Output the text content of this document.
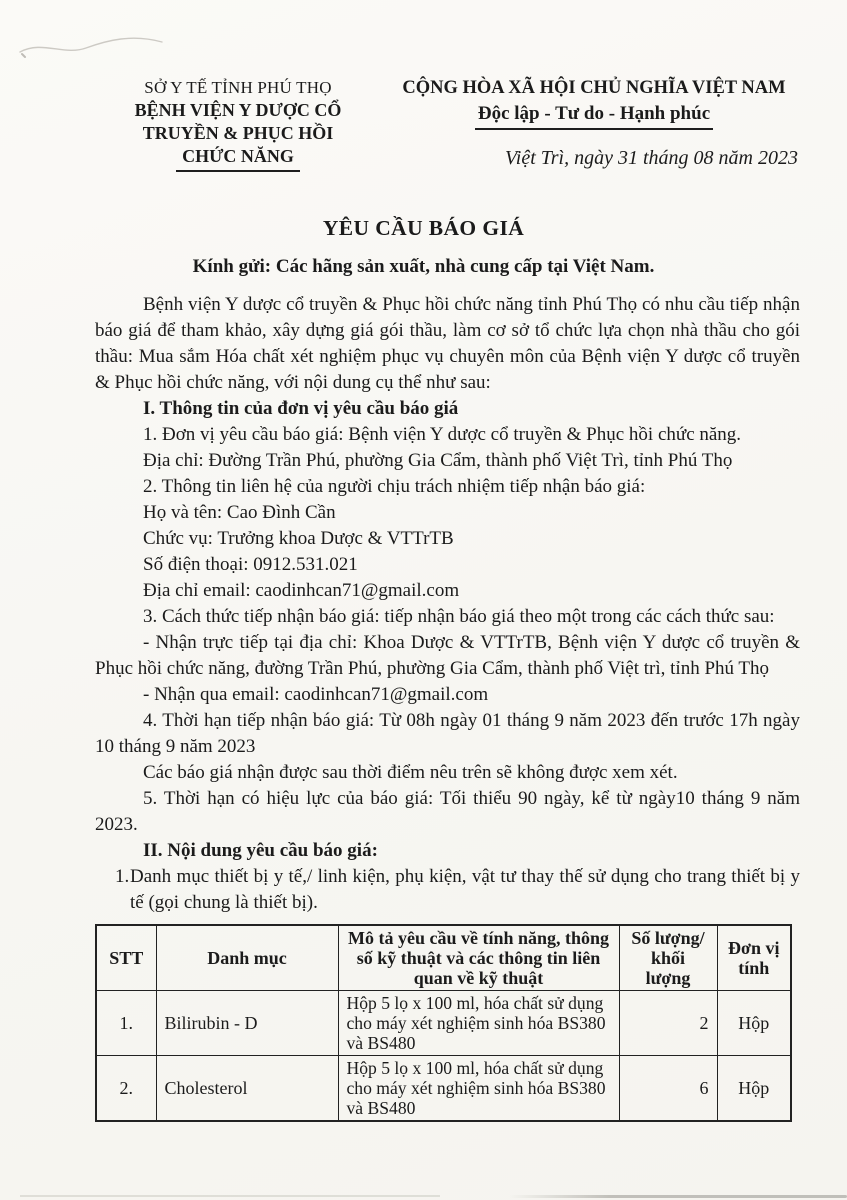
SỞ Y TẾ TỈNH PHÚ THỌ
BỆNH VIỆN Y DƯỢC CỔ
TRUYỀN & PHỤC HỒI
CHỨC NĂNG
CỘNG HÒA XÃ HỘI CHỦ NGHĨA VIỆT NAM
Độc lập - Tư do - Hạnh phúc
Việt Trì, ngày 31 tháng 08 năm 2023
YÊU CẦU BÁO GIÁ
Kính gửi: Các hãng sản xuất, nhà cung cấp tại Việt Nam.

Bệnh viện Y dược cổ truyền & Phục hồi chức năng tỉnh Phú Thọ có nhu cầu tiếp nhận báo giá để tham khảo, xây dựng giá gói thầu, làm cơ sở tổ chức lựa chọn nhà thầu cho gói thầu: Mua sắm Hóa chất xét nghiệm phục vụ chuyên môn của Bệnh viện Y dược cổ truyền & Phục hồi chức năng, với nội dung cụ thể như sau:

I. Thông tin của đơn vị yêu cầu báo giá

1. Đơn vị yêu cầu báo giá: Bệnh viện Y dược cổ truyền & Phục hồi chức năng.

Địa chỉ: Đường Trần Phú, phường Gia Cẩm, thành phố Việt Trì, tỉnh Phú Thọ

2. Thông tin liên hệ của người chịu trách nhiệm tiếp nhận báo giá:

Họ và tên: Cao Đình Cần

Chức vụ: Trưởng khoa Dược & VTTrTB

Số điện thoại: 0912.531.021

Địa chỉ email: caodinhcan71@gmail.com

3. Cách thức tiếp nhận báo giá: tiếp nhận báo giá theo một trong các cách thức sau:

- Nhận trực tiếp tại địa chỉ: Khoa Dược & VTTrTB, Bệnh viện Y dược cổ truyền & Phục hồi chức năng, đường Trần Phú, phường Gia Cẩm, thành phố Việt trì, tỉnh Phú Thọ

- Nhận qua email: caodinhcan71@gmail.com

4. Thời hạn tiếp nhận báo giá: Từ 08h ngày 01 tháng 9 năm 2023 đến trước 17h ngày 10 tháng 9 năm 2023

Các báo giá nhận được sau thời điểm nêu trên sẽ không được xem xét.

5. Thời hạn có hiệu lực của báo giá: Tối thiểu 90 ngày, kể từ ngày10 tháng 9 năm 2023.

II. Nội dung yêu cầu báo giá:

1. Danh mục thiết bị y tế,/ linh kiện, phụ kiện, vật tư thay thế sử dụng cho trang thiết bị y tế (gọi chung là thiết bị).
STT	Danh mục	Mô tả yêu cầu về tính năng, thông số kỹ thuật và các thông tin liên quan về kỹ thuật	Số lượng/ khối lượng	Đơn vị tính
1.	Bilirubin - D	Hộp 5 lọ x 100 ml, hóa chất sử dụng cho máy xét nghiệm sinh hóa BS380 và BS480	2	Hộp
2.	Cholesterol	Hộp 5 lọ x 100 ml, hóa chất sử dụng cho máy xét nghiệm sinh hóa BS380 và BS480	6	Hộp
